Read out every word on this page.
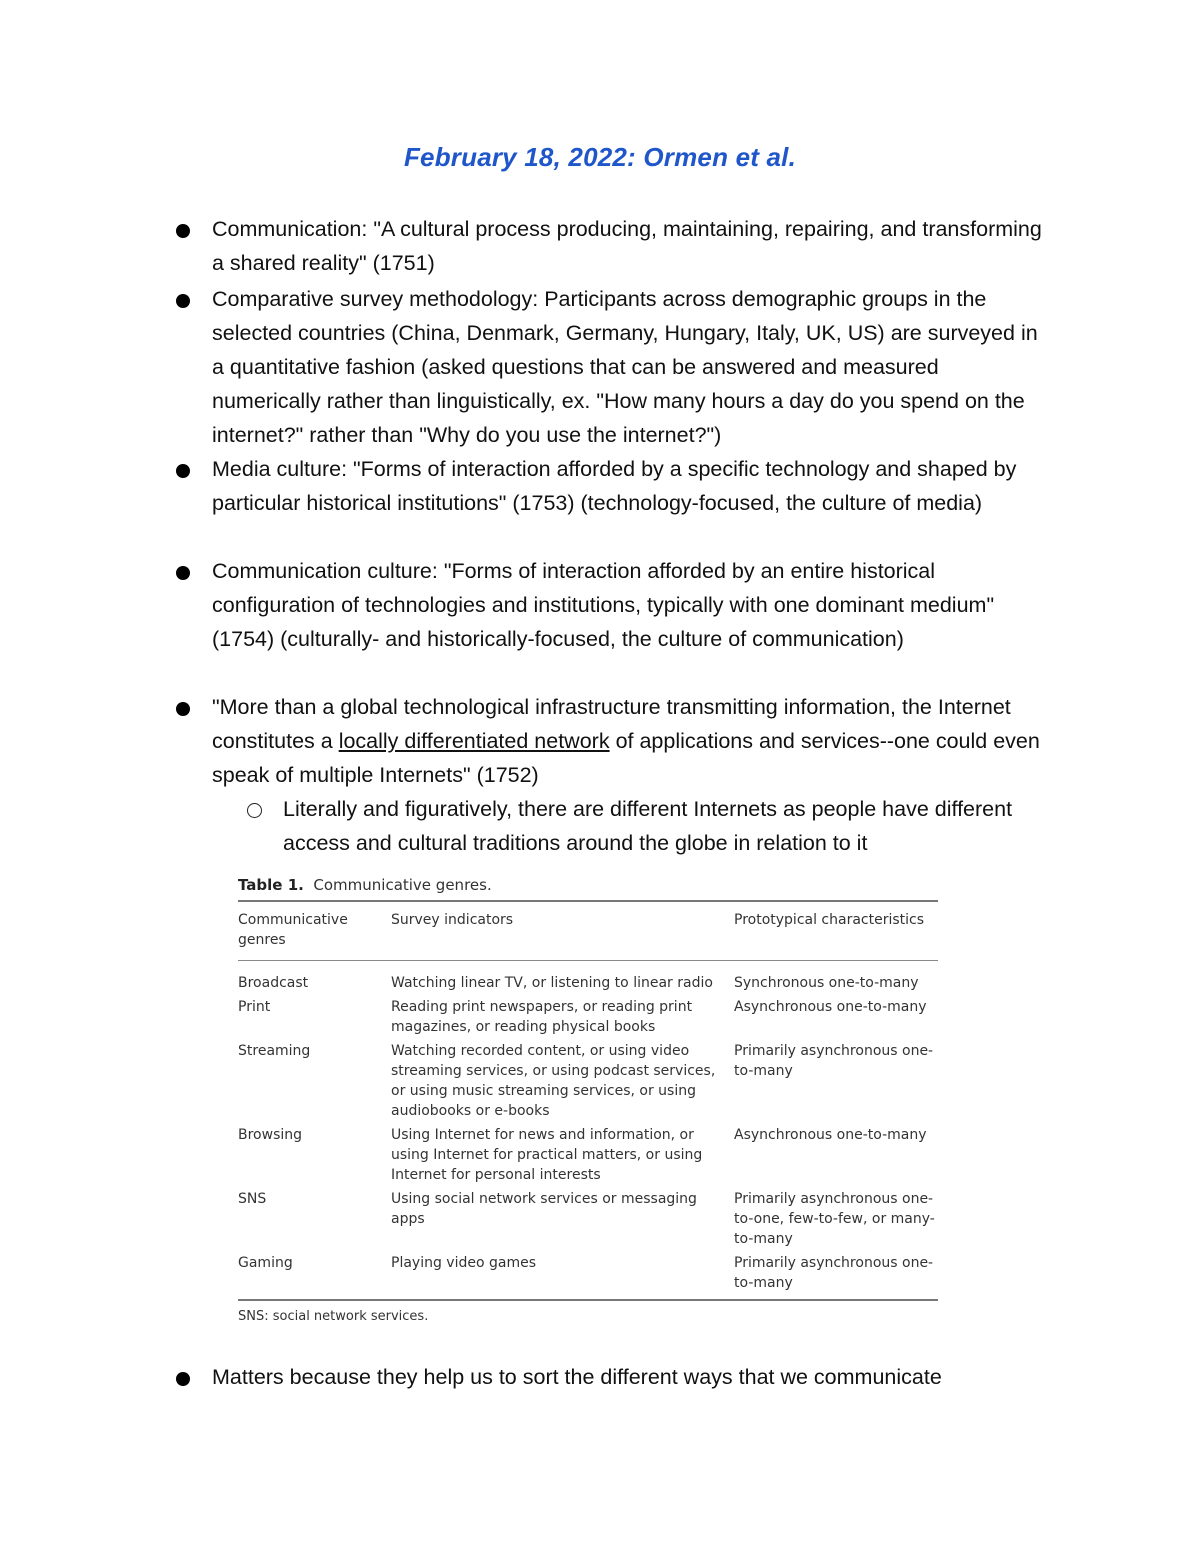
February 18, 2022: Ormen et al.
Communication: "A cultural process producing, maintaining, repairing, and transforming a shared reality" (1751)
Comparative survey methodology: Participants across demographic groups in the selected countries (China, Denmark, Germany, Hungary, Italy, UK, US) are surveyed in a quantitative fashion (asked questions that can be answered and measured numerically rather than linguistically, ex. "How many hours a day do you spend on the internet?" rather than "Why do you use the internet?")
Media culture: "Forms of interaction afforded by a specific technology and shaped by particular historical institutions" (1753) (technology-focused, the culture of media)
Communication culture: "Forms of interaction afforded by an entire historical configuration of technologies and institutions, typically with one dominant medium" (1754) (culturally- and historically-focused, the culture of communication)
"More than a global technological infrastructure transmitting information, the Internet constitutes a locally differentiated network of applications and services--one could even speak of multiple Internets" (1752)
Literally and figuratively, there are different Internets as people have different access and cultural traditions around the globe in relation to it
Matters because they help us to sort the different ways that we communicate
Table 1. Communicative genres.
Communicative genres	Survey indicators	Prototypical characteristics
Broadcast	Watching linear TV, or listening to linear radio	Synchronous one-to-many
Print	Reading print newspapers, or reading print magazines, or reading physical books	Asynchronous one-to-many
Streaming	Watching recorded content, or using video streaming services, or using podcast services, or using music streaming services, or using audiobooks or e-books	Primarily asynchronous one-to-many
Browsing	Using Internet for news and information, or using Internet for practical matters, or using Internet for personal interests	Asynchronous one-to-many
SNS	Using social network services or messaging apps	Primarily asynchronous one-to-one, few-to-few, or many-to-many
Gaming	Playing video games	Primarily asynchronous one-to-many
SNS: social network services.
